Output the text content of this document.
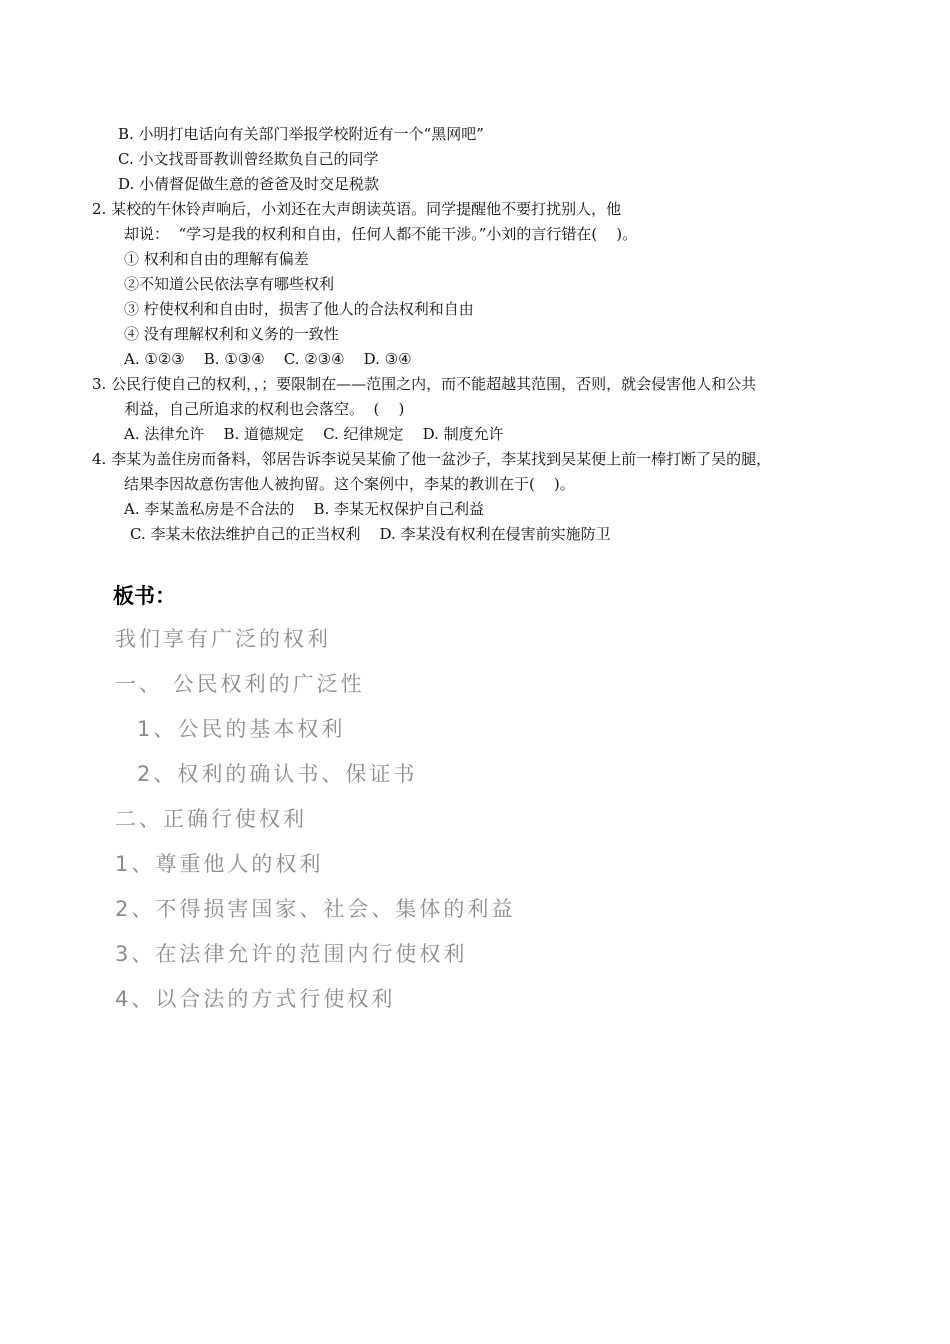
B. 小明打电话向有关部门举报学校附近有一个“黑网吧”
C. 小文找哥哥教训曾经欺负自己的同学
D. 小倩督促做生意的爸爸及时交足税款
2. 某校的午休铃声响后，小刘还在大声朗读英语。同学提醒他不要打扰别人，他
却说：  “学习是我的权利和自由，任何人都不能干涉。”小刘的言行错在(    )。
① 权利和自由的理解有偏差
②不知道公民依法享有哪些权利
③ 柠使权利和自由时，损害了他人的合法权利和自由
④ 没有理解权利和义务的一致性
A. ①②③    B. ①③④    C. ②③④    D. ③④
3. 公民行使自己的权利，，；要限制在——范围之内，而不能超越其范围，否则，就会侵害他人和公共
利益，自己所追求的权利也会落空。  (    )
A. 法律允许    B. 道德规定    C. 纪律规定    D. 制度允许
4. 李某为盖住房而备料，邻居告诉李说吴某偷了他一盆沙子，李某找到吴某便上前一棒打断了吴的腿，
结果李因故意伤害他人被拘留。这个案例中，李某的教训在于(    )。
A. 李某盖私房是不合法的    B. 李某无权保护自己利益
C. 李某未依法维护自己的正当权利    D. 李某没有权利在侵害前实施防卫
板书：
我们享有广泛的权利
一、 公民权利的广泛性
1、公民的基本权利
2、权利的确认书、保证书
二、正确行使权利
1、尊重他人的权利
2、不得损害国家、社会、集体的利益
3、在法律允许的范围内行使权利
4、以合法的方式行使权利
